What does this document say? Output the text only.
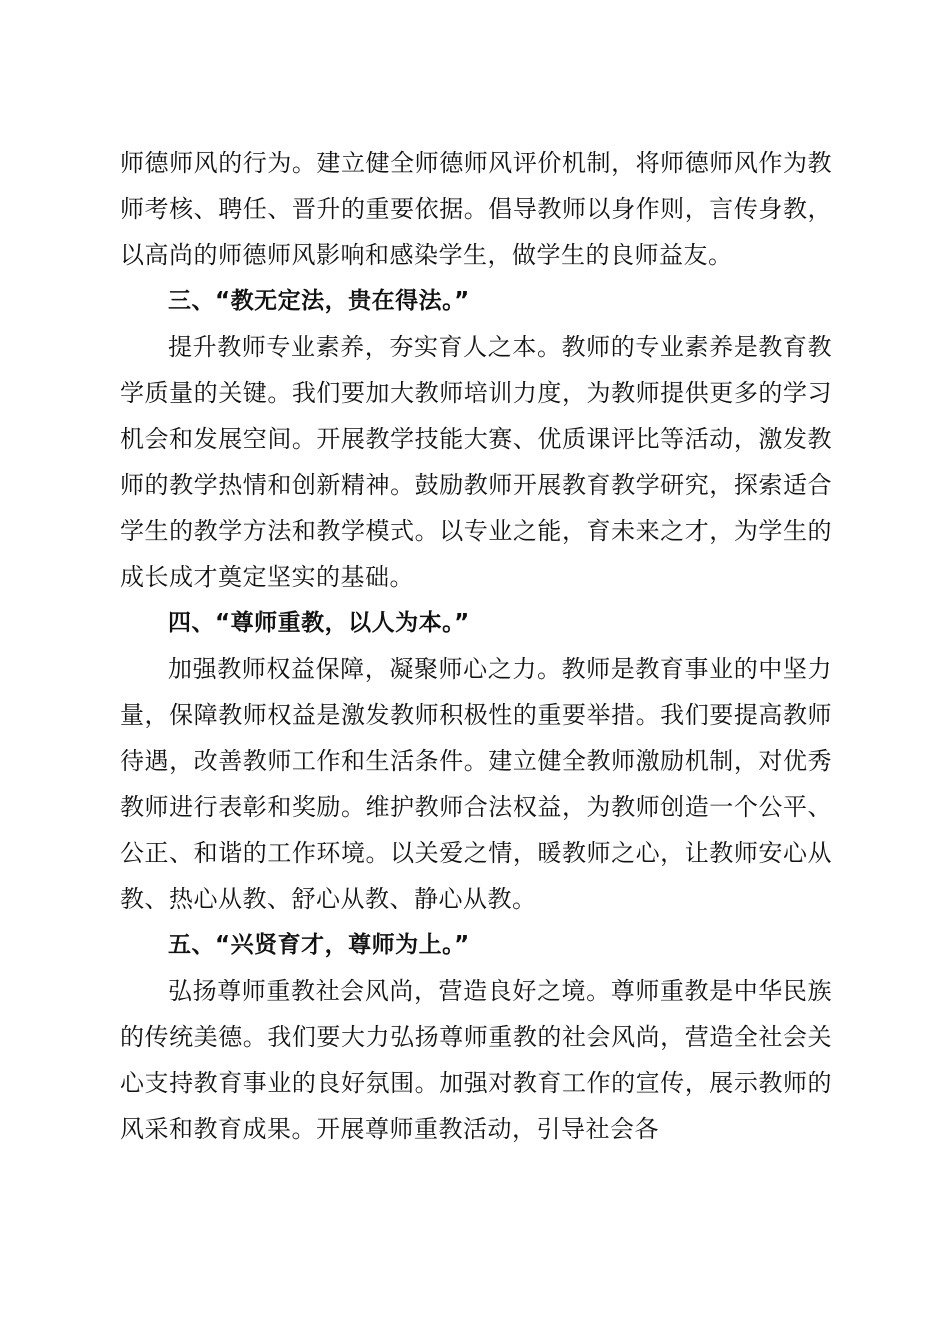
师德师风的行为。建立健全师德师风评价机制，将师德师风作为教师考核、聘任、晋升的重要依据。倡导教师以身作则，言传身教，以高尚的师德师风影响和感染学生，做学生的良师益友。

三、“教无定法，贵在得法。”

提升教师专业素养，夯实育人之本。教师的专业素养是教育教学质量的关键。我们要加大教师培训力度，为教师提供更多的学习机会和发展空间。开展教学技能大赛、优质课评比等活动，激发教师的教学热情和创新精神。鼓励教师开展教育教学研究，探索适合学生的教学方法和教学模式。以专业之能，育未来之才，为学生的成长成才奠定坚实的基础。

四、“尊师重教，以人为本。”

加强教师权益保障，凝聚师心之力。教师是教育事业的中坚力量，保障教师权益是激发教师积极性的重要举措。我们要提高教师待遇，改善教师工作和生活条件。建立健全教师激励机制，对优秀教师进行表彰和奖励。维护教师合法权益，为教师创造一个公平、公正、和谐的工作环境。以关爱之情，暖教师之心，让教师安心从教、热心从教、舒心从教、静心从教。

五、“兴贤育才，尊师为上。”

弘扬尊师重教社会风尚，营造良好之境。尊师重教是中华民族的传统美德。我们要大力弘扬尊师重教的社会风尚，营造全社会关心支持教育事业的良好氛围。加强对教育工作的宣传，展示教师的风采和教育成果。开展尊师重教活动，引导社会各
